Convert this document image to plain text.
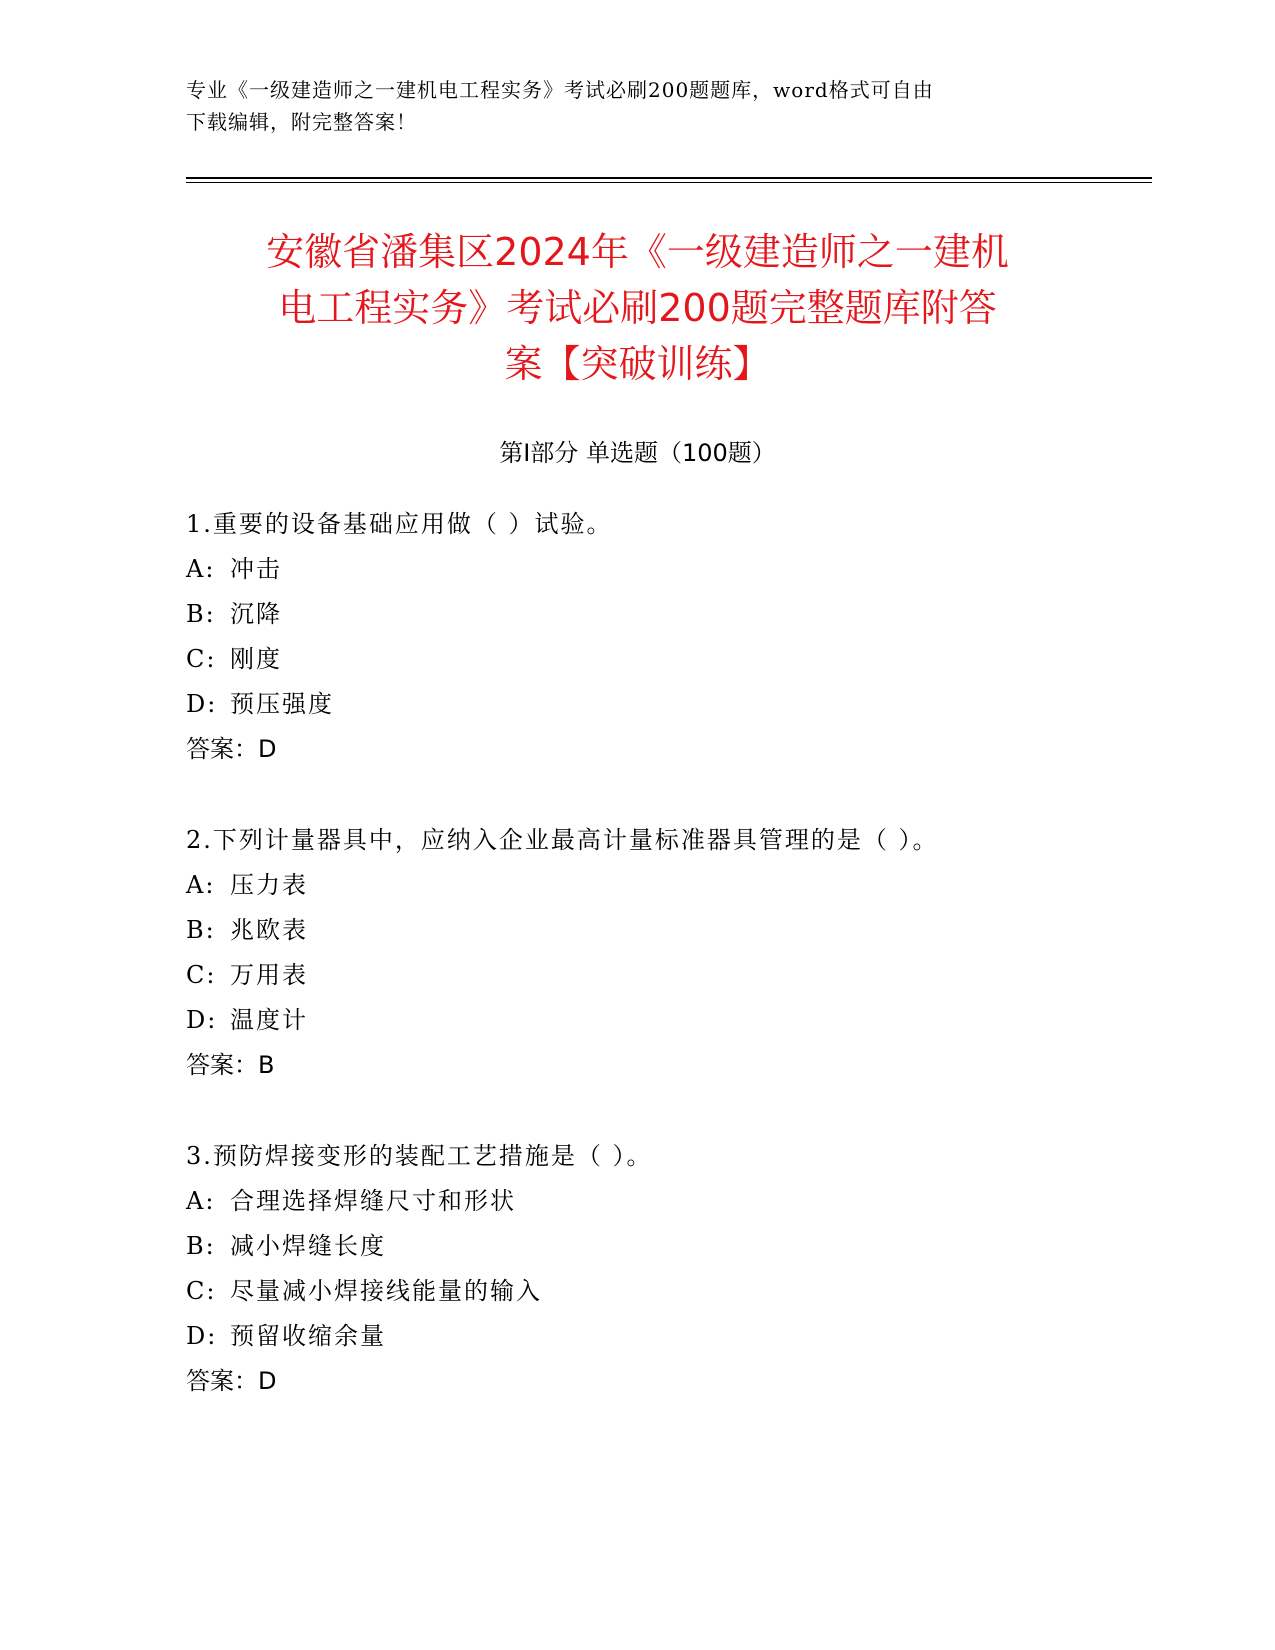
专业《一级建造师之一建机电工程实务》考试必刷200题题库，word格式可自由
下载编辑，附完整答案！
安徽省潘集区2024年《一级建造师之一建机
电工程实务》考试必刷200题完整题库附答
案【突破训练】
第Ⅰ部分 单选题（100题）
1.重要的设备基础应用做（ ）试验。
A: 冲击
B: 沉降
C: 刚度
D: 预压强度
答案：D
2.下列计量器具中，应纳入企业最高计量标准器具管理的是（ ）。
A: 压力表
B: 兆欧表
C: 万用表
D: 温度计
答案：B
3.预防焊接变形的装配工艺措施是（ ）。
A: 合理选择焊缝尺寸和形状
B: 减小焊缝长度
C: 尽量减小焊接线能量的输入
D: 预留收缩余量
答案：D
